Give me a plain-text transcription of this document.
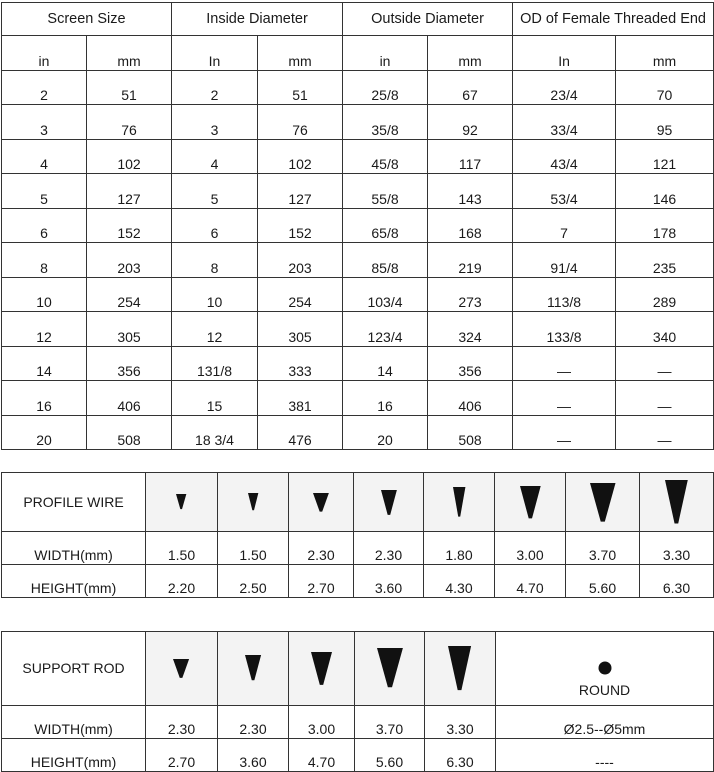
Screen Size		Inside Diameter		Outside Diameter		OD of Female Threaded End	
in	mm	In	mm	in	mm	In	mm
2	51	2	51	25/8	67	23/4	70
3	76	3	76	35/8	92	33/4	95
4	102	4	102	45/8	117	43/4	121
5	127	5	127	55/8	143	53/4	146
6	152	6	152	65/8	168	7	178
8	203	8	203	85/8	219	91/4	235
10	254	10	254	103/4	273	113/8	289
12	305	12	305	123/4	324	133/8	340
14	356	131/8	333	14	356	—	—
16	406	15	381	16	406	—	—
20	508	18 3/4	476	20	508	—	—
PROFILE WIRE	

WIDTH(mm)	1.50	1.50	2.30	2.30	1.80	3.00	3.70	3.30
HEIGHT(mm)	2.20	2.50	2.70	3.60	4.30	4.70	5.60	6.30
SUPPORT ROD						ROUND

WIDTH(mm)	2.30	2.30	3.00	3.70	3.30	Ø2.5--Ø5mm
HEIGHT(mm)	2.70	3.60	4.70	5.60	6.30	----
